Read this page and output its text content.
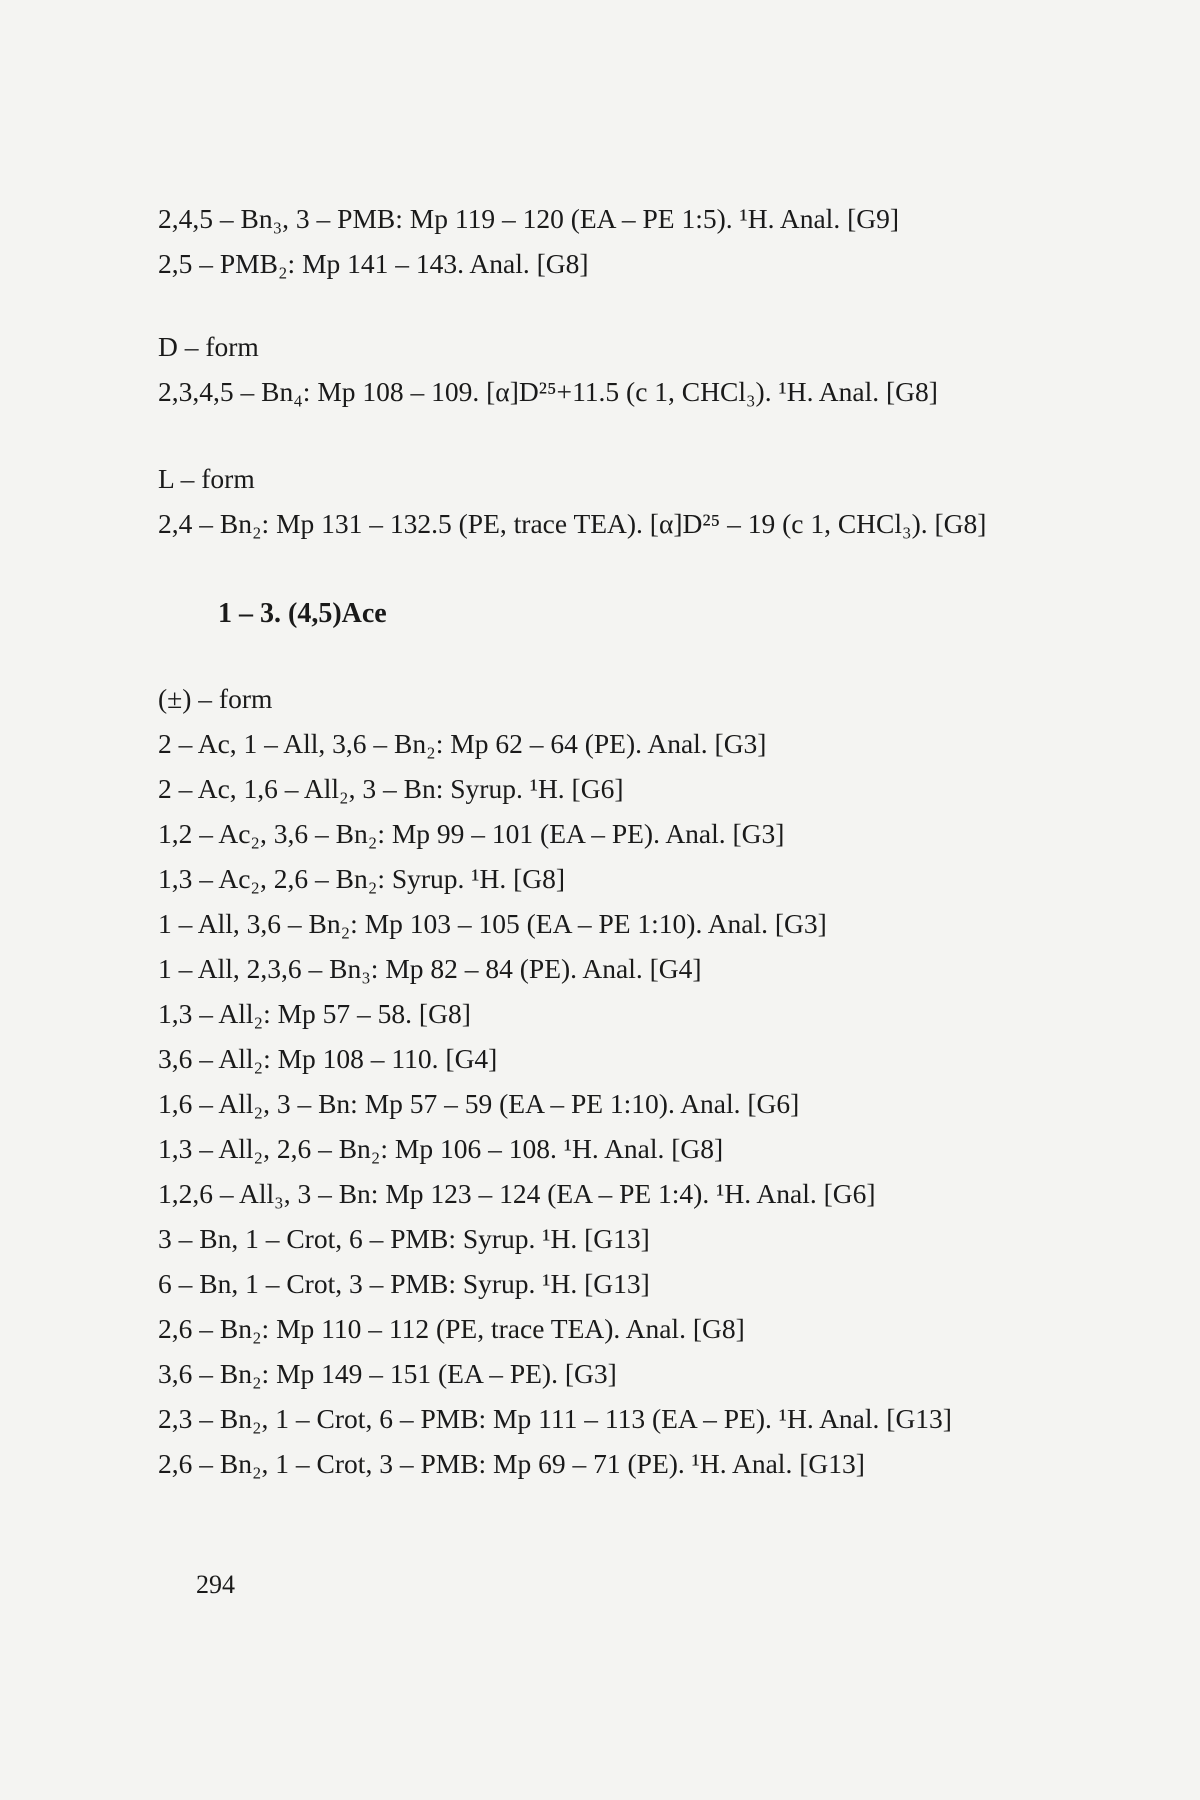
2,4,5 – Bn₃, 3 – PMB: Mp 119 – 120 (EA – PE 1:5). ¹H. Anal. [G9]
2,5 – PMB₂: Mp 141 – 143. Anal. [G8]
D – form
2,3,4,5 – Bn₄: Mp 108 – 109. [α]D²⁵+11.5 (c 1, CHCl₃). ¹H. Anal. [G8]
L – form
2,4 – Bn₂: Mp 131 – 132.5 (PE, trace TEA). [α]D²⁵ – 19 (c 1, CHCl₃). [G8]
1 – 3. (4,5)Ace
(±) – form
2 – Ac, 1 – All, 3,6 – Bn₂: Mp 62 – 64 (PE). Anal. [G3]
2 – Ac, 1,6 – All₂, 3 – Bn: Syrup. ¹H. [G6]
1,2 – Ac₂, 3,6 – Bn₂: Mp 99 – 101 (EA – PE). Anal. [G3]
1,3 – Ac₂, 2,6 – Bn₂: Syrup. ¹H. [G8]
1 – All, 3,6 – Bn₂: Mp 103 – 105 (EA – PE 1:10). Anal. [G3]
1 – All, 2,3,6 – Bn₃: Mp 82 – 84 (PE). Anal. [G4]
1,3 – All₂: Mp 57 – 58. [G8]
3,6 – All₂: Mp 108 – 110. [G4]
1,6 – All₂, 3 – Bn: Mp 57 – 59 (EA – PE 1:10). Anal. [G6]
1,3 – All₂, 2,6 – Bn₂: Mp 106 – 108. ¹H. Anal. [G8]
1,2,6 – All₃, 3 – Bn: Mp 123 – 124 (EA – PE 1:4). ¹H. Anal. [G6]
3 – Bn, 1 – Crot, 6 – PMB: Syrup. ¹H. [G13]
6 – Bn, 1 – Crot, 3 – PMB: Syrup. ¹H. [G13]
2,6 – Bn₂: Mp 110 – 112 (PE, trace TEA). Anal. [G8]
3,6 – Bn₂: Mp 149 – 151 (EA – PE). [G3]
2,3 – Bn₂, 1 – Crot, 6 – PMB: Mp 111 – 113 (EA – PE). ¹H. Anal. [G13]
2,6 – Bn₂, 1 – Crot, 3 – PMB: Mp 69 – 71 (PE). ¹H. Anal. [G13]
294
